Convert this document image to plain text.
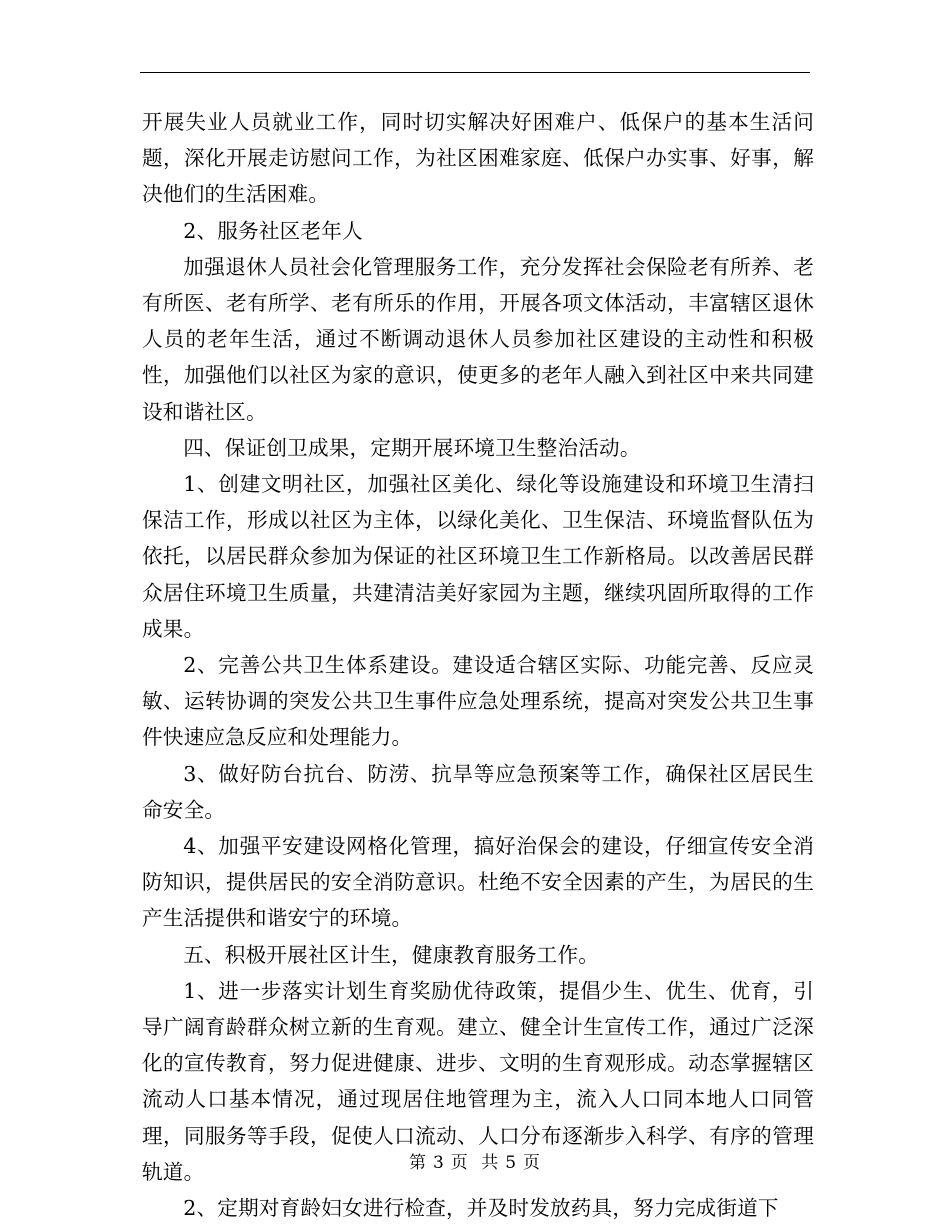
开展失业人员就业工作，同时切实解决好困难户、低保户的基本生活问题，深化开展走访慰问工作，为社区困难家庭、低保户办实事、好事，解决他们的生活困难。

2、服务社区老年人

加强退休人员社会化管理服务工作，充分发挥社会保险老有所养、老有所医、老有所学、老有所乐的作用，开展各项文体活动，丰富辖区退休人员的老年生活，通过不断调动退休人员参加社区建设的主动性和积极性，加强他们以社区为家的意识，使更多的老年人融入到社区中来共同建设和谐社区。

四、保证创卫成果，定期开展环境卫生整治活动。

1、创建文明社区，加强社区美化、绿化等设施建设和环境卫生清扫保洁工作，形成以社区为主体，以绿化美化、卫生保洁、环境监督队伍为依托，以居民群众参加为保证的社区环境卫生工作新格局。以改善居民群众居住环境卫生质量，共建清洁美好家园为主题，继续巩固所取得的工作成果。

2、完善公共卫生体系建设。建设适合辖区实际、功能完善、反应灵敏、运转协调的突发公共卫生事件应急处理系统，提高对突发公共卫生事件快速应急反应和处理能力。

3、做好防台抗台、防涝、抗旱等应急预案等工作，确保社区居民生命安全。

4、加强平安建设网格化管理，搞好治保会的建设，仔细宣传安全消防知识，提供居民的安全消防意识。杜绝不安全因素的产生，为居民的生产生活提供和谐安宁的环境。

五、积极开展社区计生，健康教育服务工作。

1、进一步落实计划生育奖励优待政策，提倡少生、优生、优育，引导广阔育龄群众树立新的生育观。建立、健全计生宣传工作，通过广泛深化的宣传教育，努力促进健康、进步、文明的生育观形成。动态掌握辖区流动人口基本情况，通过现居住地管理为主，流入人口同本地人口同管理，同服务等手段，促使人口流动、人口分布逐渐步入科学、有序的管理轨道。

2、定期对育龄妇女进行检查，并及时发放药具，努力完成街道下

第 3 页 共 5 页
